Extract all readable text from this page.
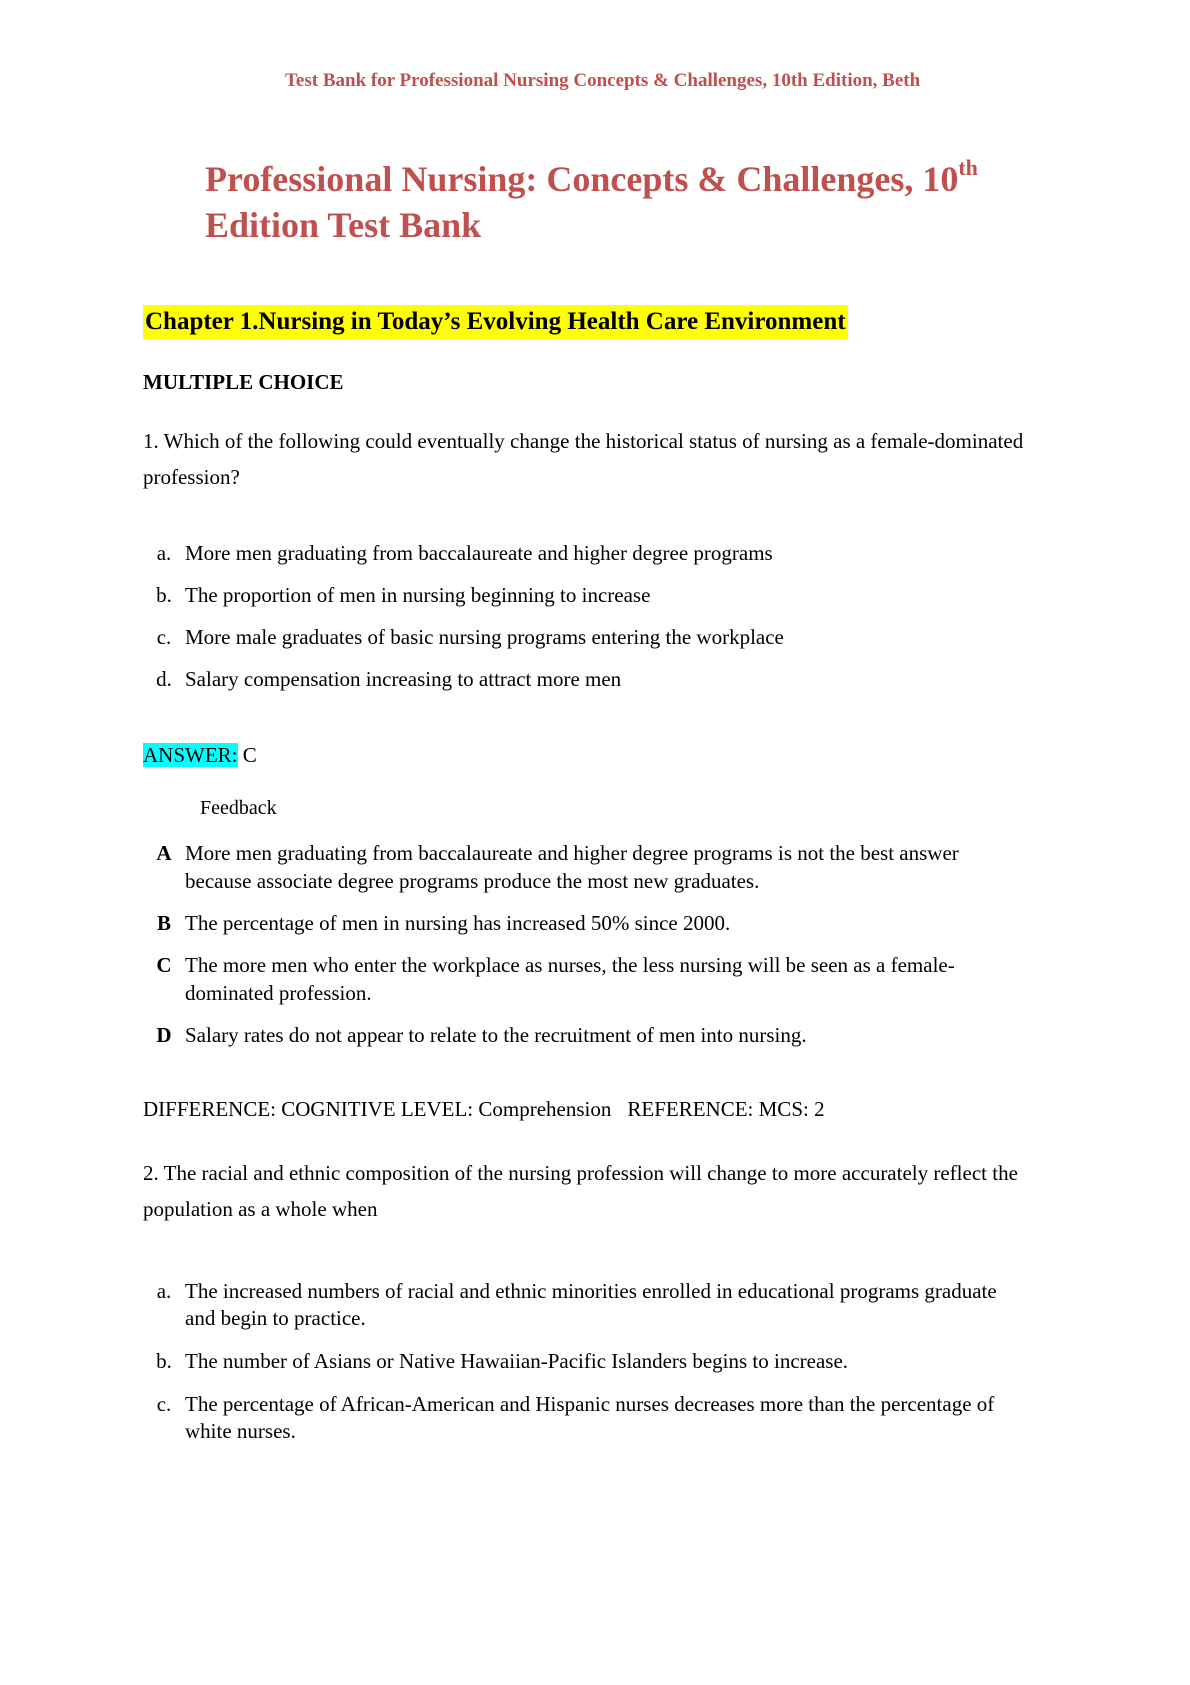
Test Bank for Professional Nursing Concepts & Challenges, 10th Edition, Beth
Professional Nursing: Concepts & Challenges, 10th
Edition Test Bank
Chapter 1.Nursing in Today’s Evolving Health Care Environment
MULTIPLE CHOICE
1. Which of the following could eventually change the historical status of nursing as a female-dominated profession?
a. More men graduating from baccalaureate and higher degree programs
b. The proportion of men in nursing beginning to increase
c. More male graduates of basic nursing programs entering the workplace
d. Salary compensation increasing to attract more men
ANSWER: C
Feedback
A More men graduating from baccalaureate and higher degree programs is not the best answer because associate degree programs produce the most new graduates.
B The percentage of men in nursing has increased 50% since 2000.
C The more men who enter the workplace as nurses, the less nursing will be seen as a female-dominated profession.
D Salary rates do not appear to relate to the recruitment of men into nursing.
DIFFERENCE: COGNITIVE LEVEL: Comprehension REFERENCE: MCS: 2
2. The racial and ethnic composition of the nursing profession will change to more accurately reflect the population as a whole when
a. The increased numbers of racial and ethnic minorities enrolled in educational programs graduate and begin to practice.
b. The number of Asians or Native Hawaiian-Pacific Islanders begins to increase.
c. The percentage of African-American and Hispanic nurses decreases more than the percentage of white nurses.
